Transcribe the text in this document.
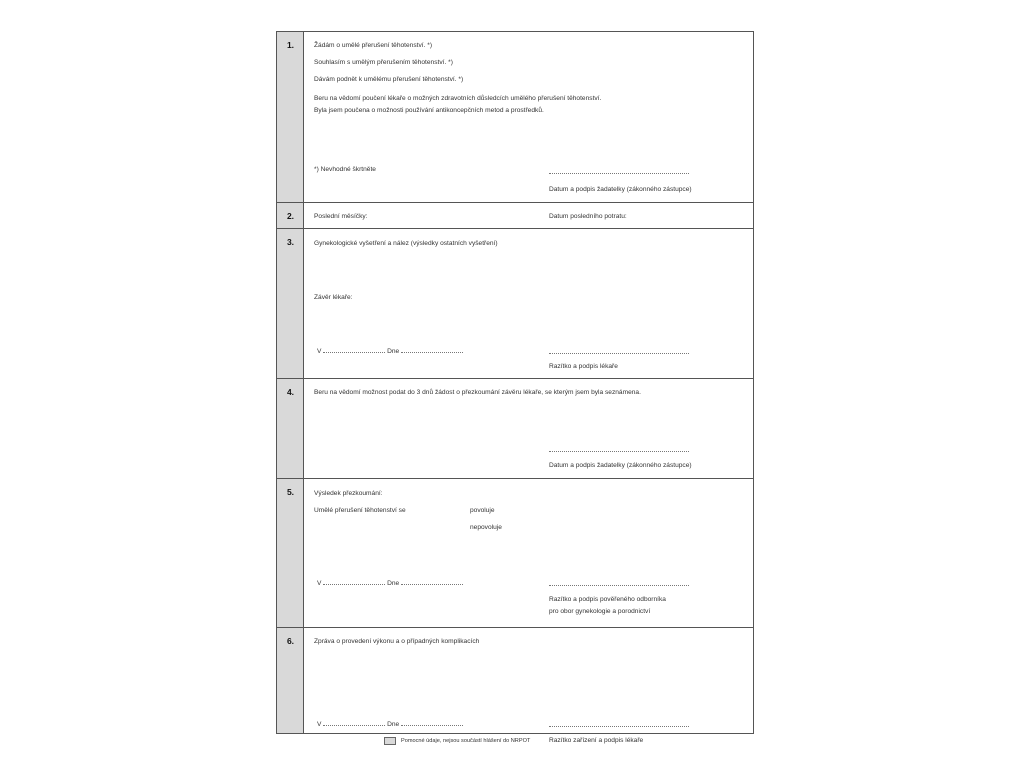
1.	Žádám o umělé přerušení těhotenství. *)
Souhlasím s umělým přerušením těhotenství. *)
Dávám podnět k umělému přerušení těhotenství. *)
Beru na vědomí poučení lékaře o možných zdravotních důsledcích umělého přerušení těhotenství.
Byla jsem poučena o možnosti používání antikoncepčních metod a prostředků.
*) Nevhodné škrtněte
Datum a podpis žadatelky (zákonného zástupce)
2.	Poslední měsíčky:	Datum posledního potratu:
3.	Gynekologické vyšetření a nález (výsledky ostatních vyšetření)
Závěr lékaře:
V	Dne
Razítko a podpis lékaře
4.	Beru na vědomí možnost podat do 3 dnů žádost o přezkoumání závěru lékaře, se kterým jsem byla seznámena.
Datum a podpis žadatelky (zákonného zástupce)
5.	Výsledek přezkoumání:
Umělé přerušení těhotenství se	povoluje
nepovoluje
V	Dne
Razítko a podpis pověřeného odborníka
pro obor gynekologie a porodnictví
6.	Zpráva o provedení výkonu a o případných komplikacích
V	Dne
Razítko zařízení a podpis lékaře
Pomocné údaje, nejsou součástí hlášení do NRPOT
